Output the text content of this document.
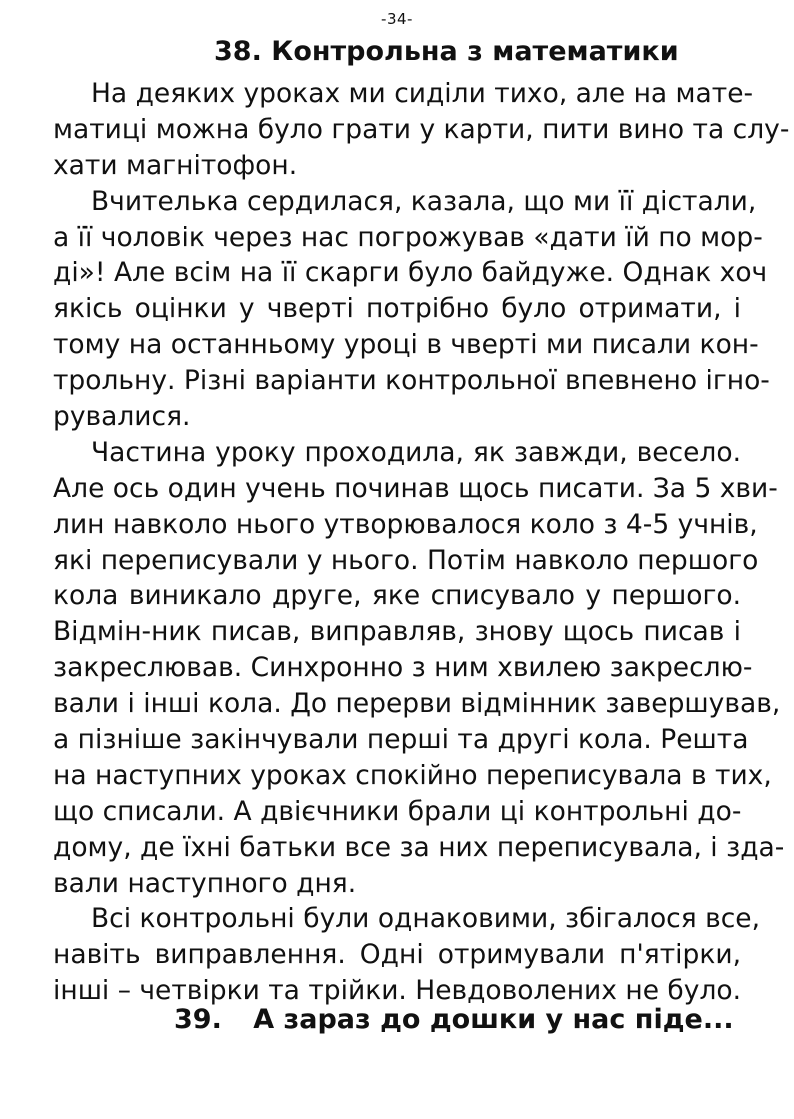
-34-
38. Контрольна з математики
На деяких уроках ми сиділи тихо, але на мате-
матиці можна було грати у карти, пити вино та слу-
хати магнітофон.
Вчителька сердилася, казала, що ми її дістали,
а її чоловік через нас погрожував «дати їй по мор-
ді»! Але всім на її скарги було байдуже. Однак хоч
якісь оцінки у чверті потрібно було отримати, і
тому на останньому уроці в чверті ми писали кон-
трольну. Різні варіанти контрольної впевнено ігно-
рувалися.
Частина уроку проходила, як завжди, весело.
Але ось один учень починав щось писати. За 5 хви-
лин навколо нього утворювалося коло з 4-5 учнів,
які переписували у нього. Потім навколо першого
кола виникало друге, яке списувало у першого.
Відмін-ник писав, виправляв, знову щось писав і
закреслював. Синхронно з ним хвилею закреслю-
вали і інші кола. До перерви відмінник завершував,
а пізніше закінчували перші та другі кола. Решта
на наступних уроках спокійно переписувала в тих,
що списали. А двієчники брали ці контрольні до-
дому, де їхні батьки все за них переписувала, і зда-
вали наступного дня.
Всі контрольні були однаковими, збігалося все,
навіть виправлення. Одні отримували п'ятірки,
інші – четвірки та трійки. Невдоволених не було.
39. А зараз до дошки у нас піде...
